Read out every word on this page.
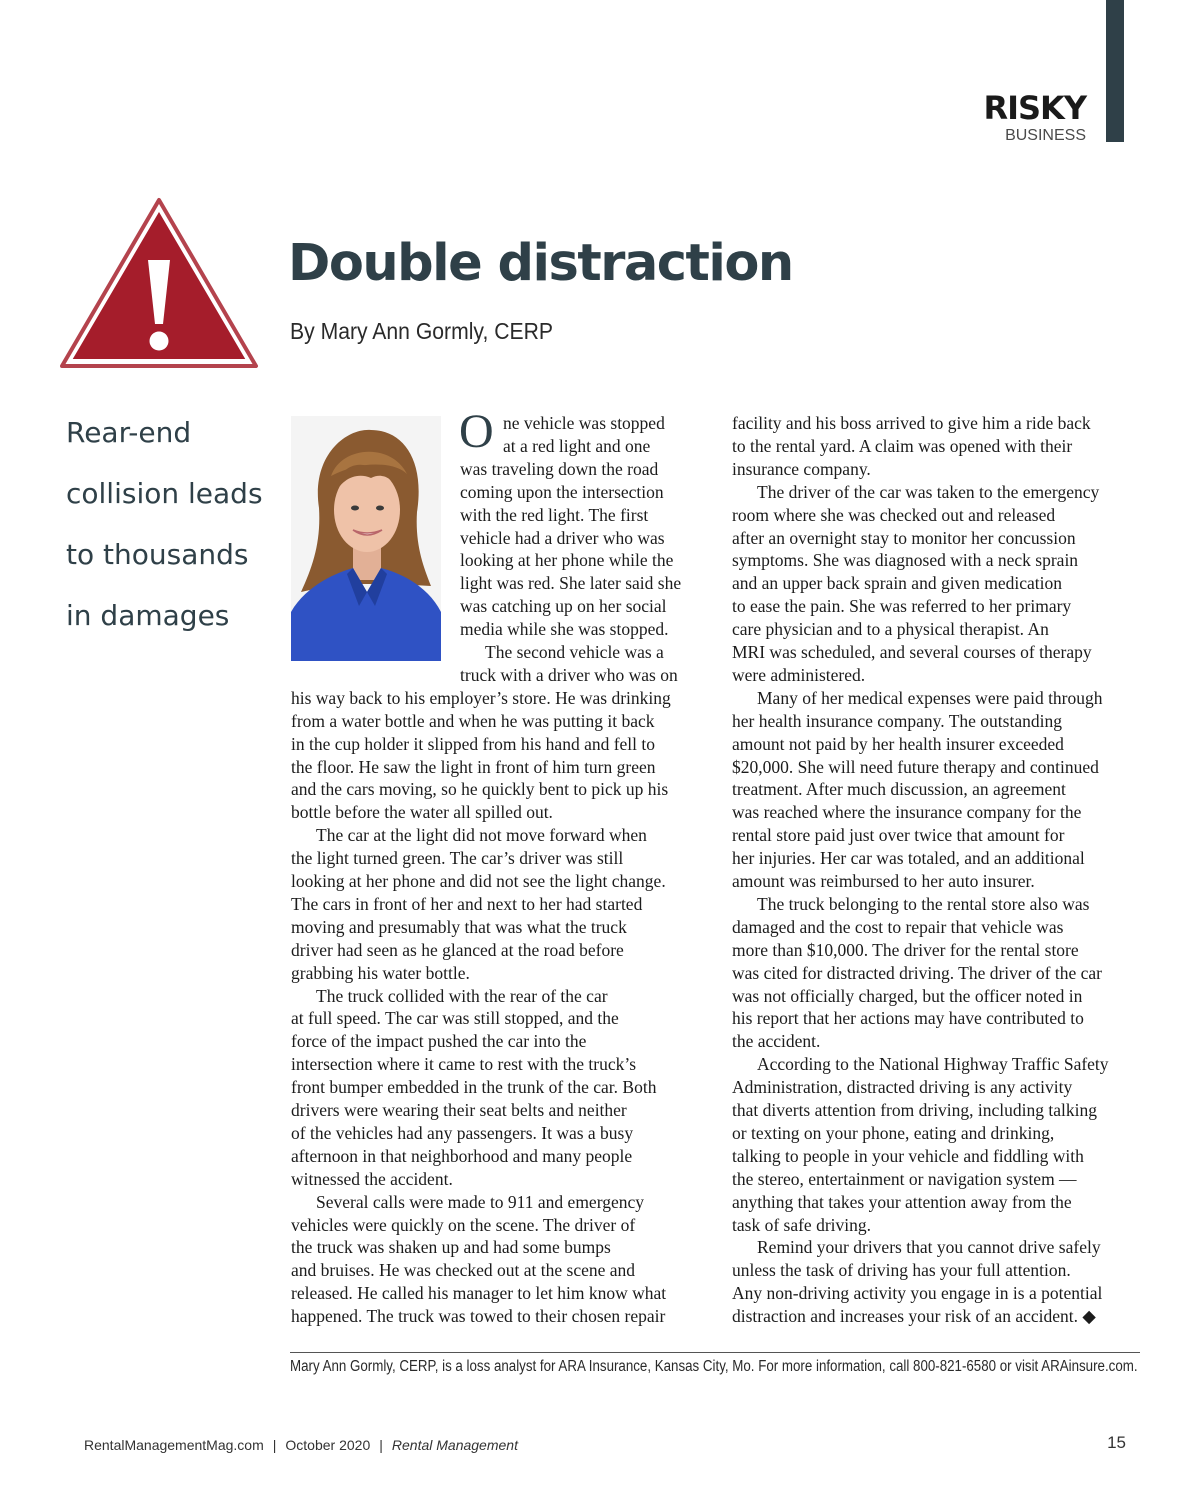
RISKY
BUSINESS
Double distraction
By Mary Ann Gormly, CERP
Rear-end
collision leads
to thousands
in damages
O ne vehicle was stopped
at a red light and one
was traveling down the road
coming upon the intersection
with the red light. The first
vehicle had a driver who was
looking at her phone while the
light was red. She later said she
was catching up on her social
media while she was stopped.
The second vehicle was a
truck with a driver who was on
his way back to his employer’s store. He was drinking
from a water bottle and when he was putting it back
in the cup holder it slipped from his hand and fell to
the floor. He saw the light in front of him turn green
and the cars moving, so he quickly bent to pick up his
bottle before the water all spilled out.
The car at the light did not move forward when
the light turned green. The car’s driver was still
looking at her phone and did not see the light change.
The cars in front of her and next to her had started
moving and presumably that was what the truck
driver had seen as he glanced at the road before
grabbing his water bottle.
The truck collided with the rear of the car
at full speed. The car was still stopped, and the
force of the impact pushed the car into the
intersection where it came to rest with the truck’s
front bumper embedded in the trunk of the car. Both
drivers were wearing their seat belts and neither
of the vehicles had any passengers. It was a busy
afternoon in that neighborhood and many people
witnessed the accident.
Several calls were made to 911 and emergency
vehicles were quickly on the scene. The driver of
the truck was shaken up and had some bumps
and bruises. He was checked out at the scene and
released. He called his manager to let him know what
happened. The truck was towed to their chosen repair
facility and his boss arrived to give him a ride back
to the rental yard. A claim was opened with their
insurance company.
The driver of the car was taken to the emergency
room where she was checked out and released
after an overnight stay to monitor her concussion
symptoms. She was diagnosed with a neck sprain
and an upper back sprain and given medication
to ease the pain. She was referred to her primary
care physician and to a physical therapist. An
MRI was scheduled, and several courses of therapy
were administered.
Many of her medical expenses were paid through
her health insurance company. The outstanding
amount not paid by her health insurer exceeded
$20,000. She will need future therapy and continued
treatment. After much discussion, an agreement
was reached where the insurance company for the
rental store paid just over twice that amount for
her injuries. Her car was totaled, and an additional
amount was reimbursed to her auto insurer.
The truck belonging to the rental store also was
damaged and the cost to repair that vehicle was
more than $10,000. The driver for the rental store
was cited for distracted driving. The driver of the car
was not officially charged, but the officer noted in
his report that her actions may have contributed to
the accident.
According to the National Highway Traffic Safety
Administration, distracted driving is any activity
that diverts attention from driving, including talking
or texting on your phone, eating and drinking,
talking to people in your vehicle and fiddling with
the stereo, entertainment or navigation system —
anything that takes your attention away from the
task of safe driving.
Remind your drivers that you cannot drive safely
unless the task of driving has your full attention.
Any non-driving activity you engage in is a potential
distraction and increases your risk of an accident. ◆
Mary Ann Gormly, CERP, is a loss analyst for ARA Insurance, Kansas City, Mo. For more information, call 800-821-6580 or visit ARAinsure.com.
RentalManagementMag.com | October 2020 | Rental Management	15
